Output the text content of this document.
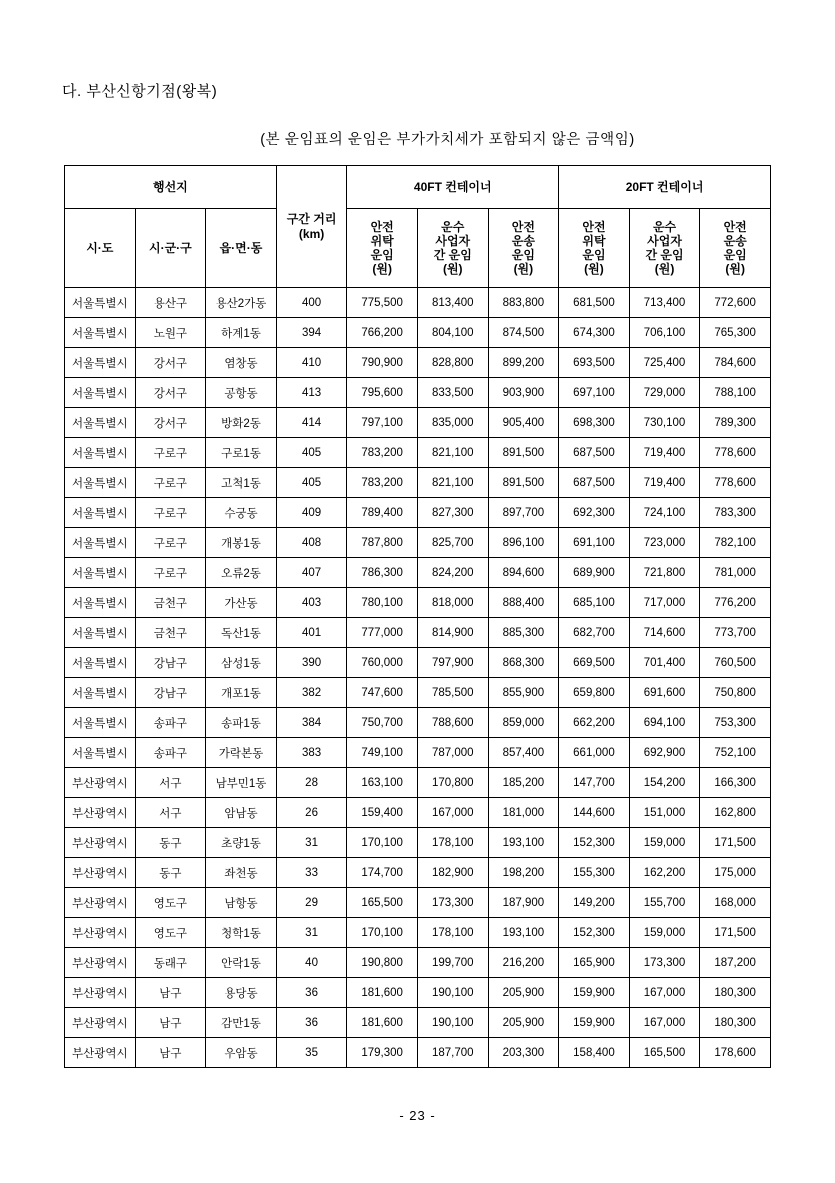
다. 부산신항기점(왕복)
(본 운임표의 운임은 부가가치세가 포함되지 않은 금액임)
행선지			구간 거리 (km)	40FT 컨테이너			20FT 컨테이너		
시·도	시·군·구	읍·면·동		안전
위탁
운임
(원)	운수
사업자
간 운임
(원)	안전
운송
운임
(원)	안전
위탁
운임
(원)	운수
사업자
간 운임
(원)	안전
운송
운임
(원)

서울특별시	용산구	용산2가동	400	775,500	813,400	883,800	681,500	713,400	772,600
서울특별시	노원구	하계1동	394	766,200	804,100	874,500	674,300	706,100	765,300
서울특별시	강서구	염창동	410	790,900	828,800	899,200	693,500	725,400	784,600
서울특별시	강서구	공항동	413	795,600	833,500	903,900	697,100	729,000	788,100
서울특별시	강서구	방화2동	414	797,100	835,000	905,400	698,300	730,100	789,300
서울특별시	구로구	구로1동	405	783,200	821,100	891,500	687,500	719,400	778,600
서울특별시	구로구	고척1동	405	783,200	821,100	891,500	687,500	719,400	778,600
서울특별시	구로구	수궁동	409	789,400	827,300	897,700	692,300	724,100	783,300
서울특별시	구로구	개봉1동	408	787,800	825,700	896,100	691,100	723,000	782,100
서울특별시	구로구	오류2동	407	786,300	824,200	894,600	689,900	721,800	781,000
서울특별시	금천구	가산동	403	780,100	818,000	888,400	685,100	717,000	776,200
서울특별시	금천구	독산1동	401	777,000	814,900	885,300	682,700	714,600	773,700
서울특별시	강남구	삼성1동	390	760,000	797,900	868,300	669,500	701,400	760,500
서울특별시	강남구	개포1동	382	747,600	785,500	855,900	659,800	691,600	750,800
서울특별시	송파구	송파1동	384	750,700	788,600	859,000	662,200	694,100	753,300
서울특별시	송파구	가락본동	383	749,100	787,000	857,400	661,000	692,900	752,100
부산광역시	서구	남부민1동	28	163,100	170,800	185,200	147,700	154,200	166,300
부산광역시	서구	암남동	26	159,400	167,000	181,000	144,600	151,000	162,800
부산광역시	동구	초량1동	31	170,100	178,100	193,100	152,300	159,000	171,500
부산광역시	동구	좌천동	33	174,700	182,900	198,200	155,300	162,200	175,000
부산광역시	영도구	남항동	29	165,500	173,300	187,900	149,200	155,700	168,000
부산광역시	영도구	청학1동	31	170,100	178,100	193,100	152,300	159,000	171,500
부산광역시	동래구	안락1동	40	190,800	199,700	216,200	165,900	173,300	187,200
부산광역시	남구	용당동	36	181,600	190,100	205,900	159,900	167,000	180,300
부산광역시	남구	감만1동	36	181,600	190,100	205,900	159,900	167,000	180,300
부산광역시	남구	우암동	35	179,300	187,700	203,300	158,400	165,500	178,600
- 23 -
